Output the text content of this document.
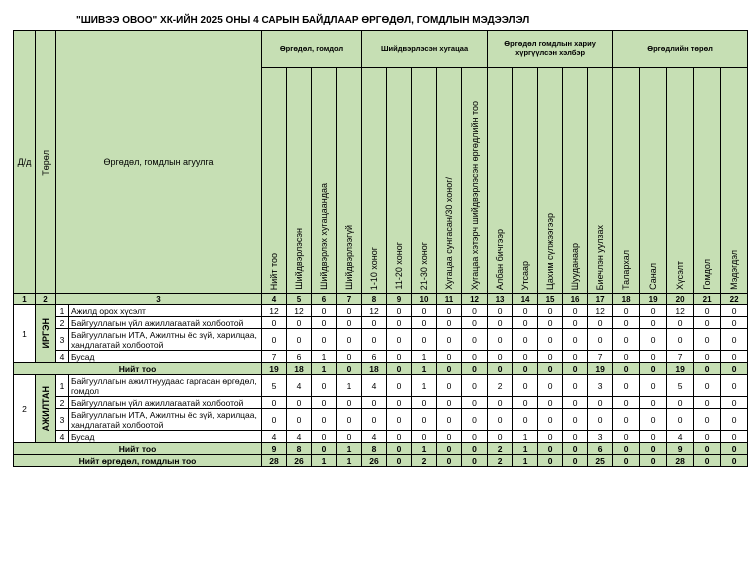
"ШИВЭЭ ОВОО" ХК-ИЙН 2025 ОНЫ 4 САРЫН БАЙДЛААР ӨРГӨДӨЛ, ГОМДЛЫН МЭДЭЭЛЭЛ
Д/д	Төрөл	Өргөдөл, гомдлын агуулга		Өргөдөл, гомдол				Шийдвэрлэсэн хугацаа					Өргөдөл гомдлын хариу хүргүүлсэн хэлбэр					Өргөдлийн төрөл				

				Нийт тоо	Шийдвэрлэсэн	Шийдвэрлэх хугацаандаа	Шийдвэрлээгүй	1-10 хоног	11-20 хоног	21-30 хоног	Хугацаа сунгасан/30 хоног/	Хугацаа хэтэрч шийдвэрлэсэн өргөдлийн тоо	Албан бичгээр	Утсаар	Цахим сүлжээгээр	Шууданаар	Биечлэн уулзах	Талархал	Санал	Хүсэлт	Гомдол	Мэдэгдэл

1	2	3		4	5	6	7	8	9	10	11	12	13	14	15	16	17	18	19	20	21	22
1	ИРГЭН	1	Ажилд орох хүсэлт	12	12	0	0	12	0	0	0	0	0	0	0	0	12	0	0	12	0	0
		2	Байгууллагын үйл ажиллагаатай холбоотой	0	0	0	0	0	0	0	0	0	0	0	0	0	0	0	0	0	0	0
		3	Байгууллагын ИТА, Ажилтны ёс зүй, харилцаа, хандлагатай холбоотой	0	0	0	0	0	0	0	0	0	0	0	0	0	0	0	0	0	0	0
		4	Бусад	7	6	1	0	6	0	1	0	0	0	0	0	0	7	0	0	7	0	0
Нийт тоо				19	18	1	0	18	0	1	0	0	0	0	0	0	19	0	0	19	0	0
2	АЖИЛТАН	1	Байгууллагын ажилтнуудаас гаргасан өргөдөл, гомдол	5	4	0	1	4	0	1	0	0	2	0	0	0	3	0	0	5	0	0
		2	Байгууллагын үйл ажиллагаатай холбоотой	0	0	0	0	0	0	0	0	0	0	0	0	0	0	0	0	0	0	0
		3	Байгууллагын ИТА, Ажилтны ёс зүй, харилцаа, хандлагатай холбоотой	0	0	0	0	0	0	0	0	0	0	0	0	0	0	0	0	0	0	0
		4	Бусад	4	4	0	0	4	0	0	0	0	0	1	0	0	3	0	0	4	0	0
Нийт тоо				9	8	0	1	8	0	1	0	0	2	1	0	0	6	0	0	9	0	0
Нийт өргөдөл, гомдлын тоо				28	26	1	1	26	0	2	0	0	2	1	0	0	25	0	0	28	0	0
